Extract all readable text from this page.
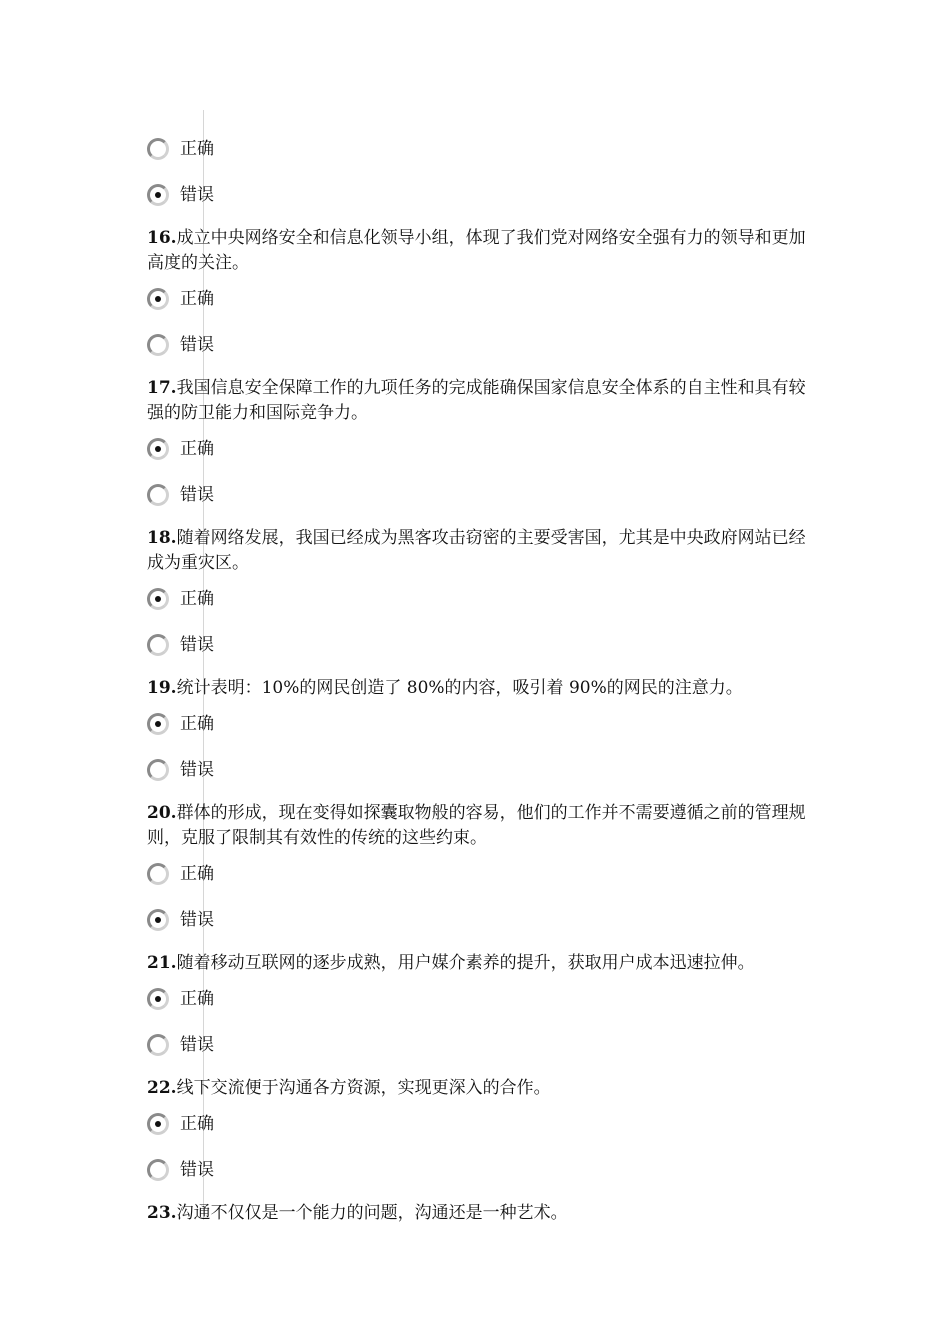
正确
错误
16.成立中央网络安全和信息化领导小组，体现了我们党对网络安全强有力的领导和更加高度的关注。
正确
错误
17.我国信息安全保障工作的九项任务的完成能确保国家信息安全体系的自主性和具有较强的防卫能力和国际竞争力。
正确
错误
18.随着网络发展，我国已经成为黑客攻击窃密的主要受害国，尤其是中央政府网站已经成为重灾区。
正确
错误
19.统计表明：10%的网民创造了 80%的内容，吸引着 90%的网民的注意力。
正确
错误
20.群体的形成，现在变得如探囊取物般的容易，他们的工作并不需要遵循之前的管理规则，克服了限制其有效性的传统的这些约束。
正确
错误
21.随着移动互联网的逐步成熟，用户媒介素养的提升，获取用户成本迅速拉伸。
正确
错误
22.线下交流便于沟通各方资源，实现更深入的合作。
正确
错误
23.沟通不仅仅是一个能力的问题，沟通还是一种艺术。
